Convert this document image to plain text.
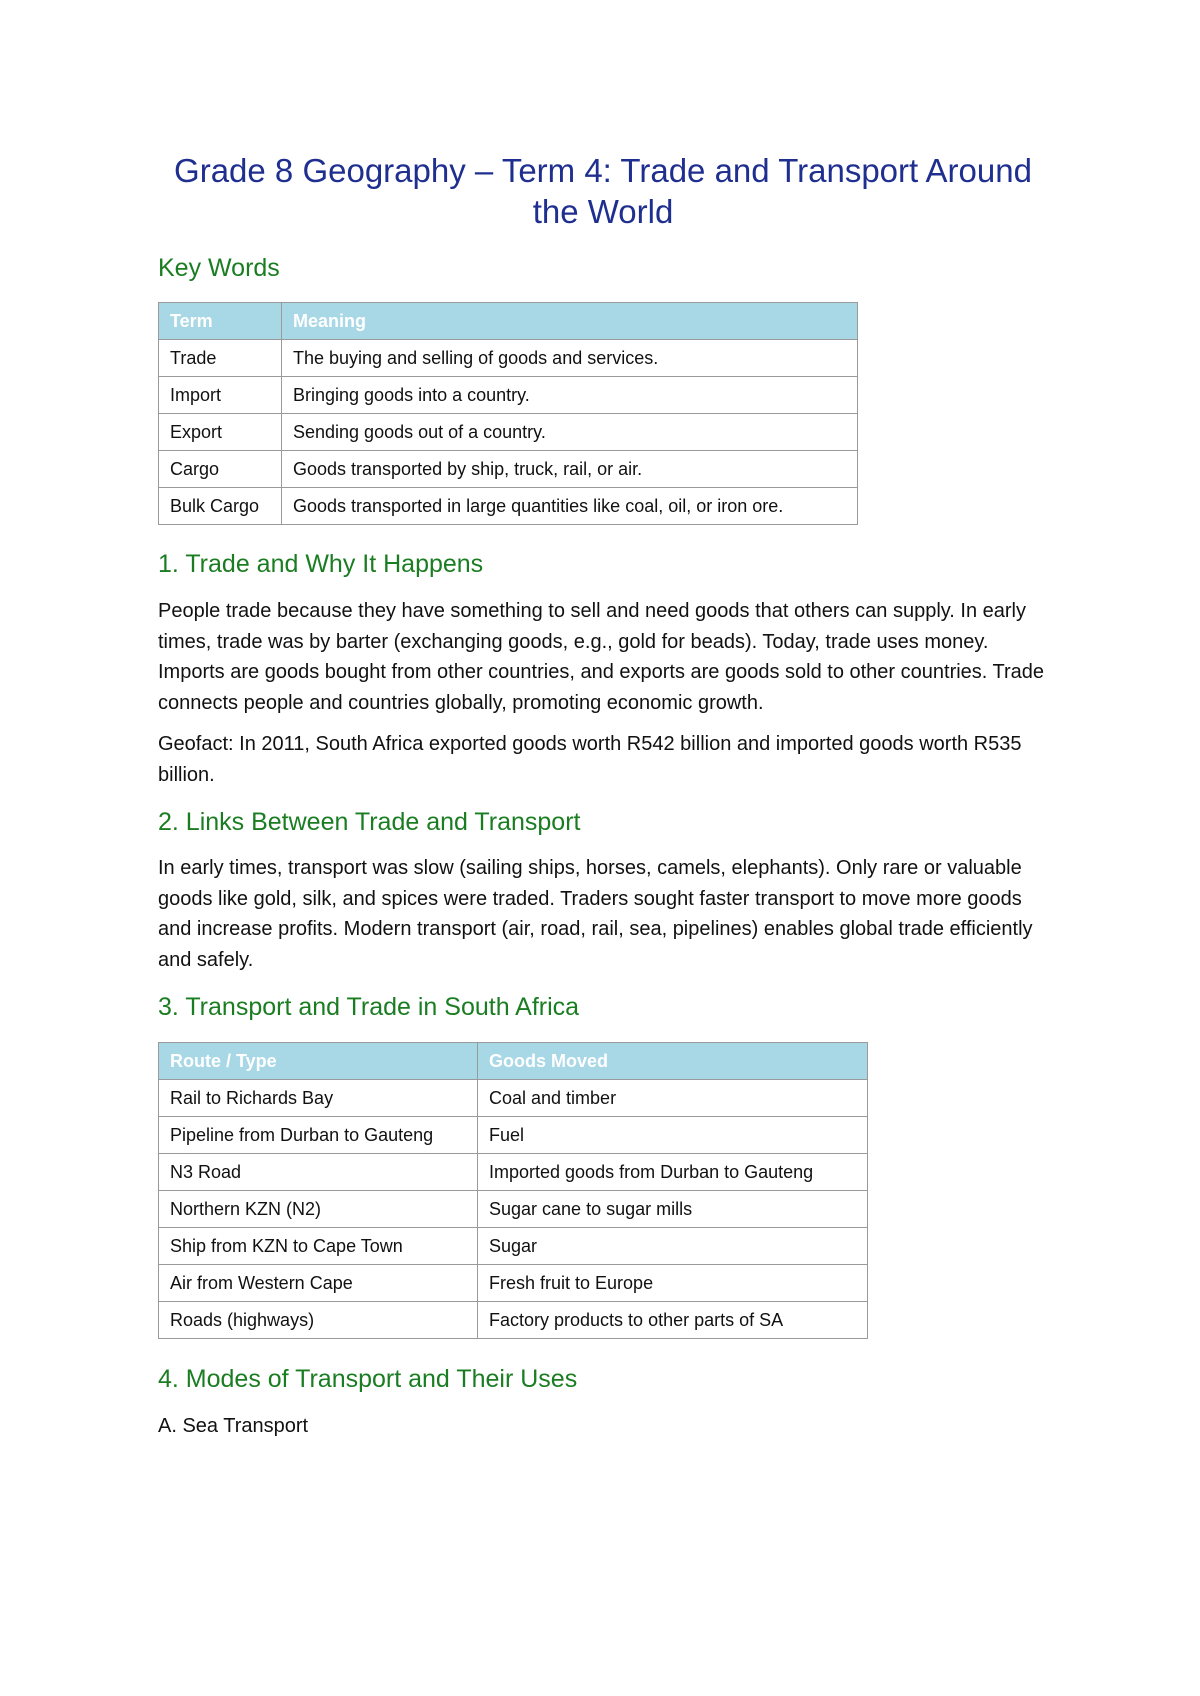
Grade 8 Geography – Term 4: Trade and Transport Around the World
Key Words
Term	Meaning
Trade	The buying and selling of goods and services.
Import	Bringing goods into a country.
Export	Sending goods out of a country.
Cargo	Goods transported by ship, truck, rail, or air.
Bulk Cargo	Goods transported in large quantities like coal, oil, or iron ore.
1. Trade and Why It Happens

People trade because they have something to sell and need goods that others can supply. In early times, trade was by barter (exchanging goods, e.g., gold for beads). Today, trade uses money. Imports are goods bought from other countries, and exports are goods sold to other countries. Trade connects people and countries globally, promoting economic growth.

Geofact: In 2011, South Africa exported goods worth R542 billion and imported goods worth R535 billion.

2. Links Between Trade and Transport

In early times, transport was slow (sailing ships, horses, camels, elephants). Only rare or valuable goods like gold, silk, and spices were traded. Traders sought faster transport to move more goods and increase profits. Modern transport (air, road, rail, sea, pipelines) enables global trade efficiently and safely.

3. Transport and Trade in South Africa
Route / Type	Goods Moved
Rail to Richards Bay	Coal and timber
Pipeline from Durban to Gauteng	Fuel
N3 Road	Imported goods from Durban to Gauteng
Northern KZN (N2)	Sugar cane to sugar mills
Ship from KZN to Cape Town	Sugar
Air from Western Cape	Fresh fruit to Europe
Roads (highways)	Factory products to other parts of SA
4. Modes of Transport and Their Uses

A. Sea Transport
